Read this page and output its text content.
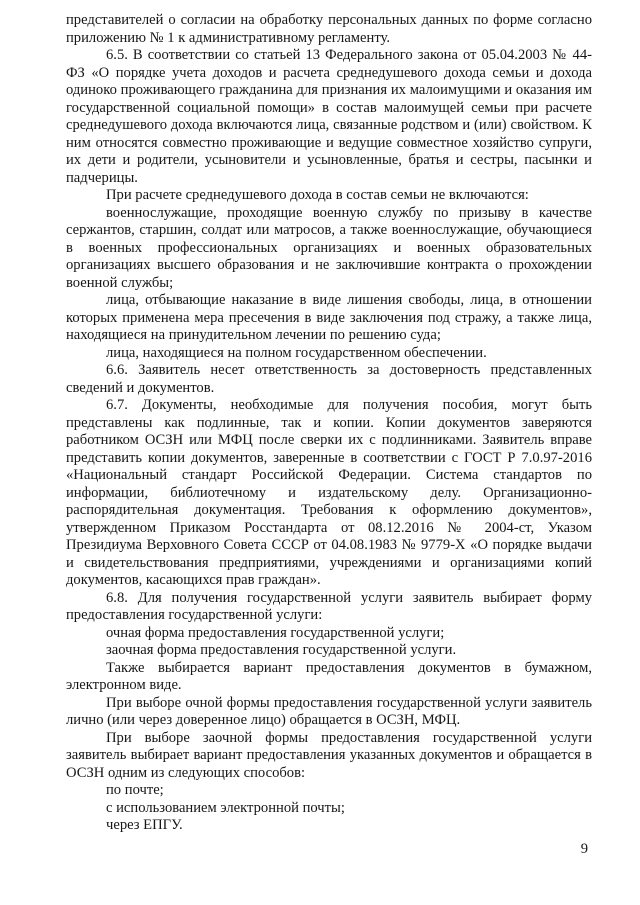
представителей о согласии на обработку персональных данных по форме согласно приложению № 1 к административному регламенту.

6.5. В соответствии со статьей 13 Федерального закона от 05.04.2003 № 44-ФЗ «О порядке учета доходов и расчета среднедушевого дохода семьи и дохода одиноко проживающего гражданина для признания их малоимущими и оказания им государственной социальной помощи» в состав малоимущей семьи при расчете среднедушевого дохода включаются лица, связанные родством и (или) свойством. К ним относятся совместно проживающие и ведущие совместное хозяйство супруги, их дети и родители, усыновители и усыновленные, братья и сестры, пасынки и падчерицы.

При расчете среднедушевого дохода в состав семьи не включаются:

военнослужащие, проходящие военную службу по призыву в качестве сержантов, старшин, солдат или матросов, а также военнослужащие, обучающиеся в военных профессиональных организациях и военных образовательных организациях высшего образования и не заключившие контракта о прохождении военной службы;

лица, отбывающие наказание в виде лишения свободы, лица, в отношении которых применена мера пресечения в виде заключения под стражу, а также лица, находящиеся на принудительном лечении по решению суда;

лица, находящиеся на полном государственном обеспечении.

6.6. Заявитель несет ответственность за достоверность представленных сведений и документов.

6.7. Документы, необходимые для получения пособия, могут быть представлены как подлинные, так и копии. Копии документов заверяются работником ОСЗН или МФЦ после сверки их с подлинниками. Заявитель вправе представить копии документов, заверенные в соответствии с ГОСТ Р 7.0.97-2016 «Национальный стандарт Российской Федерации. Система стандартов по информации, библиотечному и издательскому делу. Организационно-распорядительная документация. Требования к оформлению документов», утвержденном Приказом Росстандарта от 08.12.2016 № 2004-ст, Указом Президиума Верховного Совета СССР от 04.08.1983 № 9779-Х «О порядке выдачи и свидетельствования предприятиями, учреждениями и организациями копий документов, касающихся прав граждан».

6.8. Для получения государственной услуги заявитель выбирает форму предоставления государственной услуги:

очная форма предоставления государственной услуги;

заочная форма предоставления государственной услуги.

Также выбирается вариант предоставления документов в бумажном, электронном виде.

При выборе очной формы предоставления государственной услуги заявитель лично (или через доверенное лицо) обращается в ОСЗН, МФЦ.

При выборе заочной формы предоставления государственной услуги заявитель выбирает вариант предоставления указанных документов и обращается в ОСЗН одним из следующих способов:

по почте;

с использованием электронной почты;

через ЕПГУ.

9
